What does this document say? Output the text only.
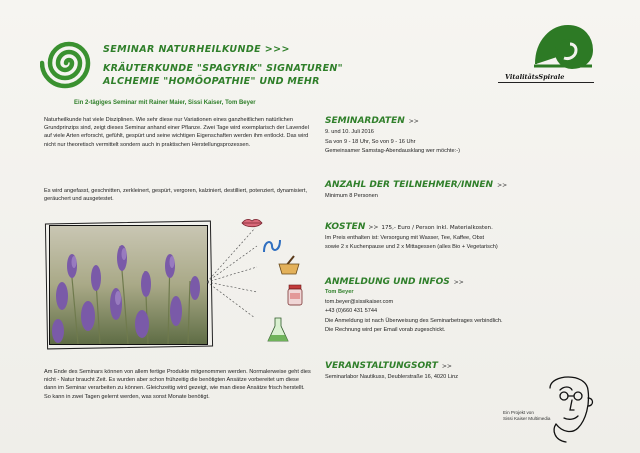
SEMINAR NATURHEILKUNDE >>>
KRÄUTERKUNDE "SPAGYRIK" SIGNATUREN"
ALCHEMIE "HOMÖOPATHIE" UND MEHR
Ein 2-tägiges Seminar mit Rainer Maier, Sissi Kaiser, Tom Beyer
VitalitätsSpirale
Naturheilkunde hat viele Disziplinen. Wie sehr diese nur Variationen eines ganzheitlichen natürlichen Grundprinzips sind, zeigt dieses Seminar anhand einer Pflanze. Zwei Tage wird exemplarisch der Lavendel auf viele Arten erforscht, gefühlt, gespürt und seine wichtigen Eigenschaften werden ihm entlockt. Das wird nicht nur theoretisch vermittelt sondern auch in praktischen Herstellungsprozessen.
Es wird angefasst, geschnitten, zerkleinert, gespürt, vergoren, kalziniert, destilliert, potenziert, dynamisiert, geräuchert und ausgetestet.
Am Ende des Seminars können von allem fertige Produkte mitgenommen werden. Normalerweise geht dies nicht - Natur braucht Zeit. Es wurden aber schon frühzeitig die benötigten Ansätze vorbereitet um diese dann im Seminar verarbeiten zu können. Gleichzeitig wird gezeigt, wie man diese Ansätze frisch herstellt. So kann in zwei Tagen gelernt werden, was sonst Monate benötigt.
SEMINARDATEN >>
9. und 10. Juli 2016
Sa von 9 - 18 Uhr, So von 9 - 16 Uhr
Gemeinsamer Samstag-Abendausklang wer möchte:-)
ANZAHL DER TEILNEHMER/INNEN >>
Minimum 8 Personen
KOSTEN >> 175,- Euro / Person inkl. Materialkosten.
Im Preis enthalten ist: Versorgung mit Wasser, Tee, Kaffee, Obst
sowie 2 x Kuchenpause und 2 x Mittagessen (alles Bio + Vegetarisch)
ANMELDUNG UND INFOS >>
Tom Beyer
tom.beyer@sissikaiser.com
+43 (0)660 431 5744
Die Anmeldung ist nach Überweisung des Seminarbetrages verbindlich.
Die Rechnung wird per Email vorab zugeschickt.
VERANSTALTUNGSORT >>
Seminarlabor Nautikuss, Deublerstraße 16, 4020 Linz
Ein Projekt von
Sissi Kaiser Multimedia
